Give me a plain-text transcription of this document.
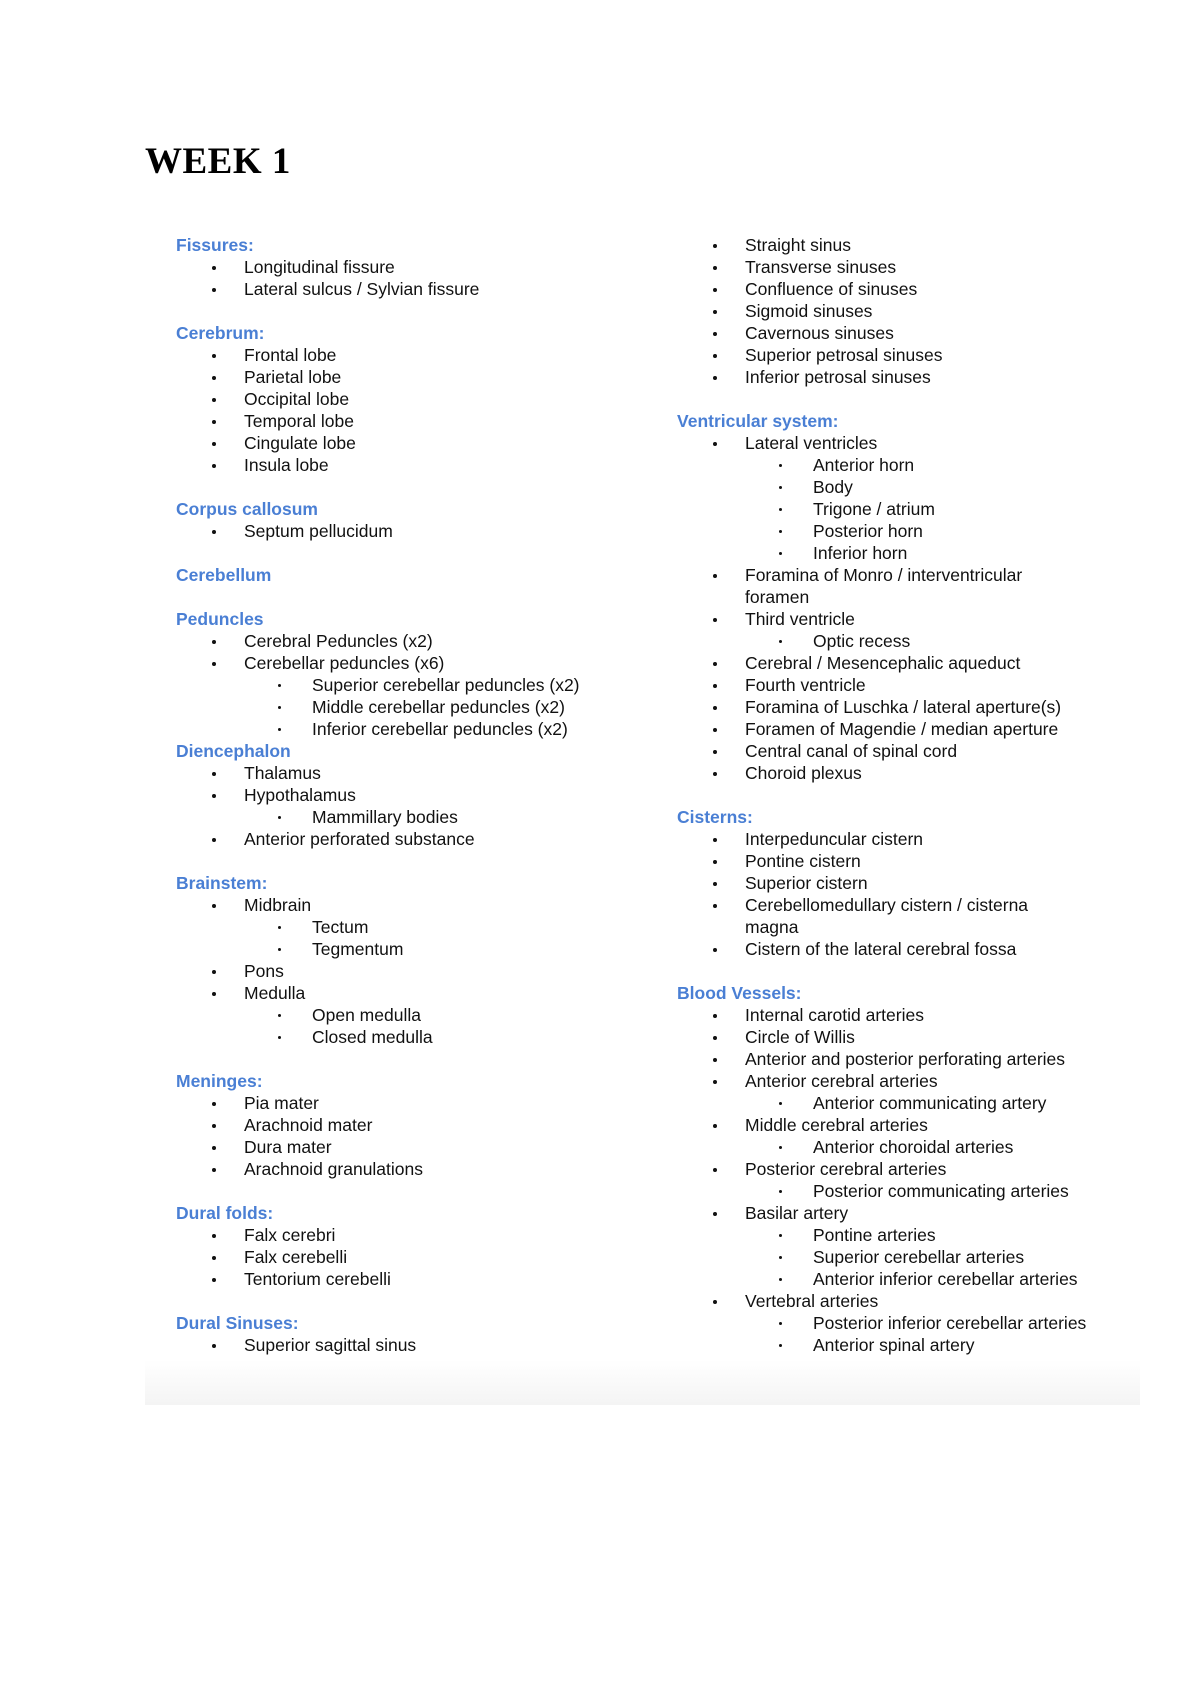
WEEK 1
Fissures:
Longitudinal fissure
Lateral sulcus / Sylvian fissure
Cerebrum:
Frontal lobe
Parietal lobe
Occipital lobe
Temporal lobe
Cingulate lobe
Insula lobe
Corpus callosum
Septum pellucidum
Cerebellum
Peduncles
Cerebral Peduncles (x2)
Cerebellar peduncles (x6)
Superior cerebellar peduncles (x2)
Middle cerebellar peduncles (x2)
Inferior cerebellar peduncles (x2)
Diencephalon
Thalamus
Hypothalamus
Mammillary bodies
Anterior perforated substance
Brainstem:
Midbrain
Tectum
Tegmentum
Pons
Medulla
Open medulla
Closed medulla
Meninges:
Pia mater
Arachnoid mater
Dura mater
Arachnoid granulations
Dural folds:
Falx cerebri
Falx cerebelli
Tentorium cerebelli
Dural Sinuses:
Superior sagittal sinus
Straight sinus
Transverse sinuses
Confluence of sinuses
Sigmoid sinuses
Cavernous sinuses
Superior petrosal sinuses
Inferior petrosal sinuses
Ventricular system:
Lateral ventricles
Anterior horn
Body
Trigone / atrium
Posterior horn
Inferior horn
Foramina of Monro / interventricular foramen
Third ventricle
Optic recess
Cerebral / Mesencephalic aqueduct
Fourth ventricle
Foramina of Luschka / lateral aperture(s)
Foramen of Magendie / median aperture
Central canal of spinal cord
Choroid plexus
Cisterns:
Interpeduncular cistern
Pontine cistern
Superior cistern
Cerebellomedullary cistern / cisterna magna
Cistern of the lateral cerebral fossa
Blood Vessels:
Internal carotid arteries
Circle of Willis
Anterior and posterior perforating arteries
Anterior cerebral arteries
Anterior communicating artery
Middle cerebral arteries
Anterior choroidal arteries
Posterior cerebral arteries
Posterior communicating arteries
Basilar artery
Pontine arteries
Superior cerebellar arteries
Anterior inferior cerebellar arteries
Vertebral arteries
Posterior inferior cerebellar arteries
Anterior spinal artery
